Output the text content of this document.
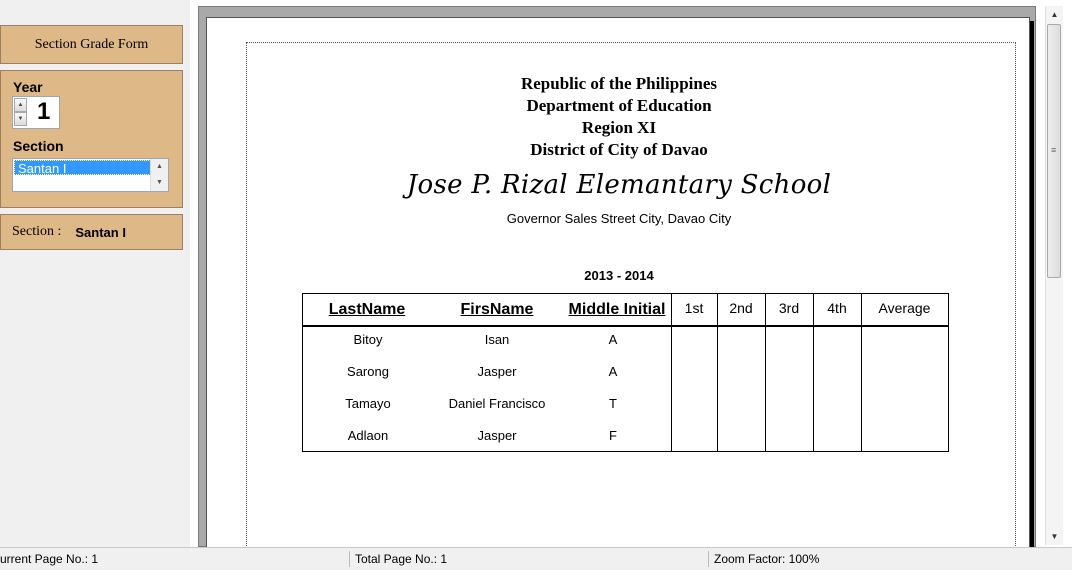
Section Grade Form
Year
▲
▼ 1
Section
Santan I	▲
▼
Section : Santan I
Republic of the Philippines
Department of Education
Region XI
District of City of Davao
Jose P. Rizal Elemantary School
Governor Sales Street City, Davao City
2013 - 2014
LastName	FirsName	Middle Initial	1st	2nd	3rd	4th	Average
Bitoy	Isan	A
Sarong	Jasper	A
Tamayo	Daniel Francisco	T
Adlaon	Jasper	F
▲
≡
▼
urrent Page No.: 1	Total Page No.: 1	Zoom Factor: 100%
